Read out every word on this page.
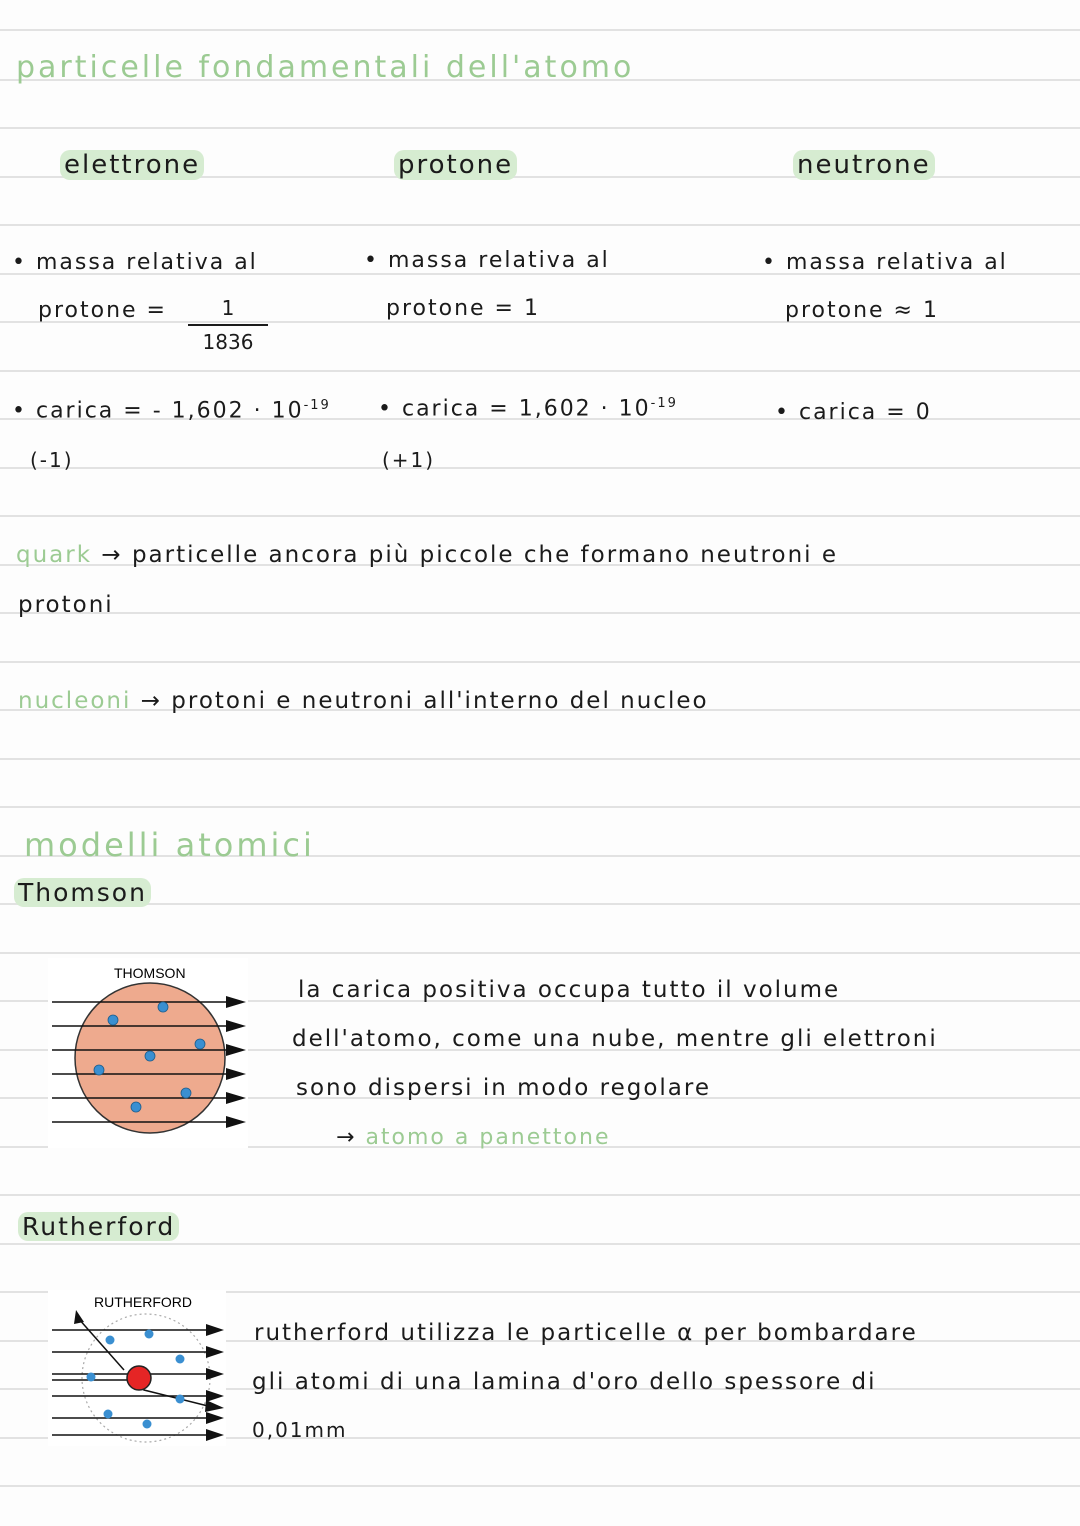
particelle fondamentali dell'atomo
elettrone	protone	neutrone
• massa relativa al
protone =	1
1836
• carica = - $1,602 \cdot 10^{-19}$
(-1)
• massa relativa al
protone = 1
• carica = $1,602 \cdot 10^{-19}$
(+1)
• massa relativa al
protone ≈ 1
• carica = 0
quark → particelle ancora più piccole che formano neutroni e
protoni
nucleoni → protoni e neutroni all'interno del nucleo
modelli atomici
Thomson
THOMSON
la carica positiva occupa tutto il volume
dell'atomo, come una nube, mentre gli elettroni
sono dispersi in modo regolare
→ atomo a panettone
Rutherford
RUTHERFORD
rutherford utilizza le particelle α per bombardare
gli atomi di una lamina d'oro dello spessore di
0,01mm
